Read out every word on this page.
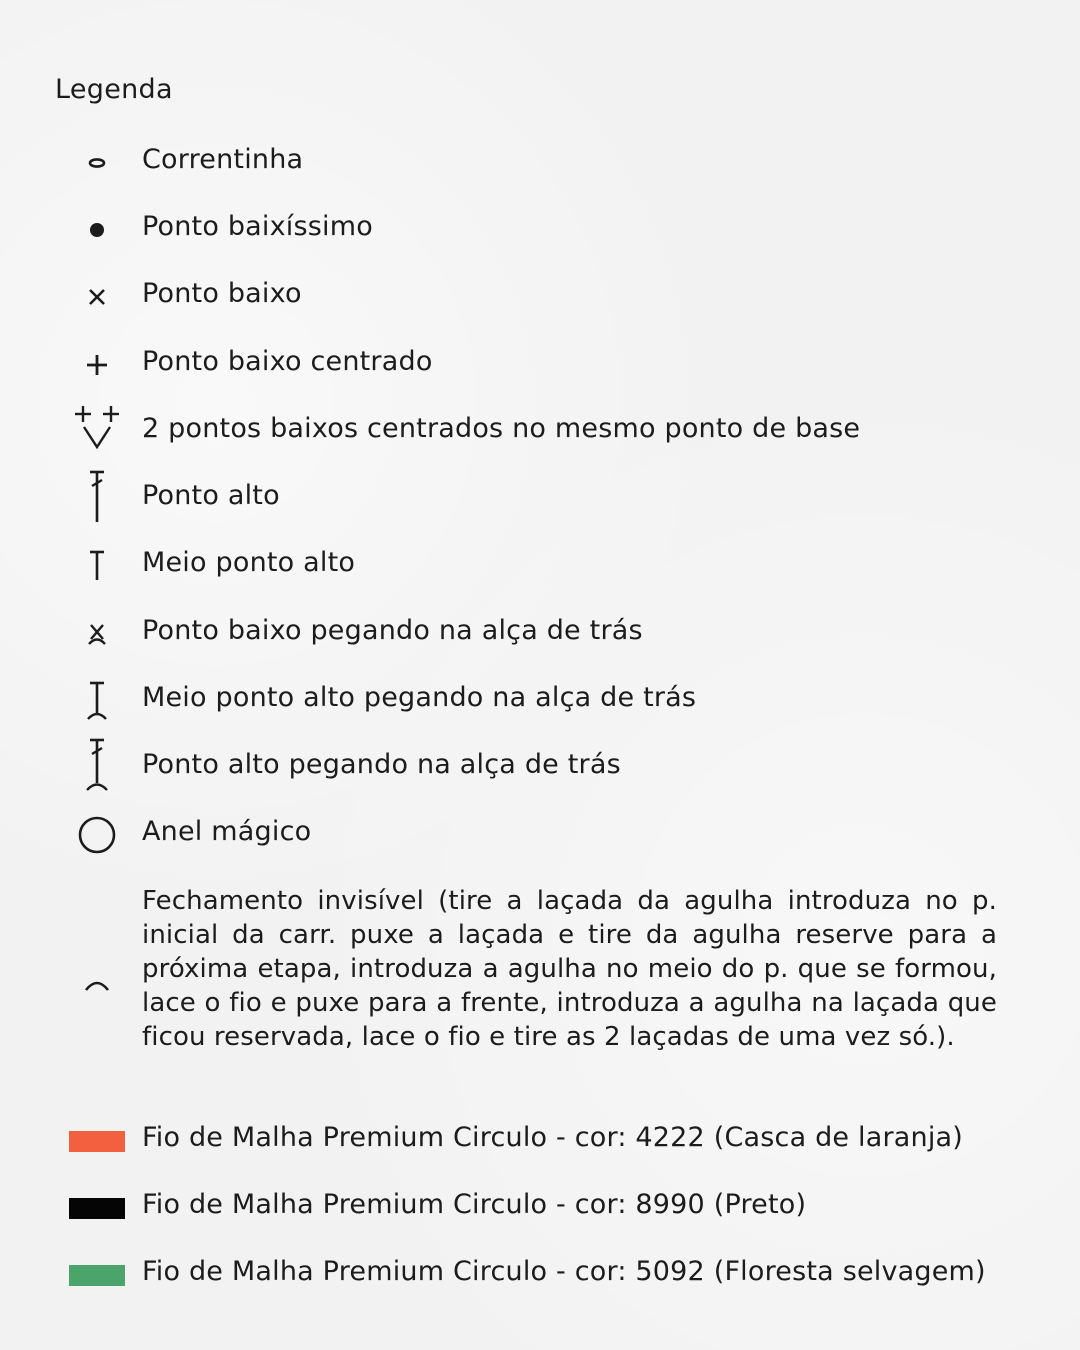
Legenda
Correntinha
Ponto baixíssimo
Ponto baixo
Ponto baixo centrado
2 pontos baixos centrados no mesmo ponto de base
Ponto alto
Meio ponto alto
Ponto baixo pegando na alça de trás
Meio ponto alto pegando na alça de trás
Ponto alto pegando na alça de trás
Anel mágico
Fechamento invisível (tire a laçada da agulha introduza no p. inicial da carr. puxe a laçada e tire da agulha reserve para a próxima etapa, introduza a agulha no meio do p. que se formou, lace o fio e puxe para a frente, introduza a agulha na laçada que ficou reservada, lace o fio e tire as 2 laçadas de uma vez só.).
Fio de Malha Premium Circulo - cor: 4222 (Casca de laranja)
Fio de Malha Premium Circulo - cor: 8990 (Preto)
Fio de Malha Premium Circulo - cor: 5092 (Floresta selvagem)
